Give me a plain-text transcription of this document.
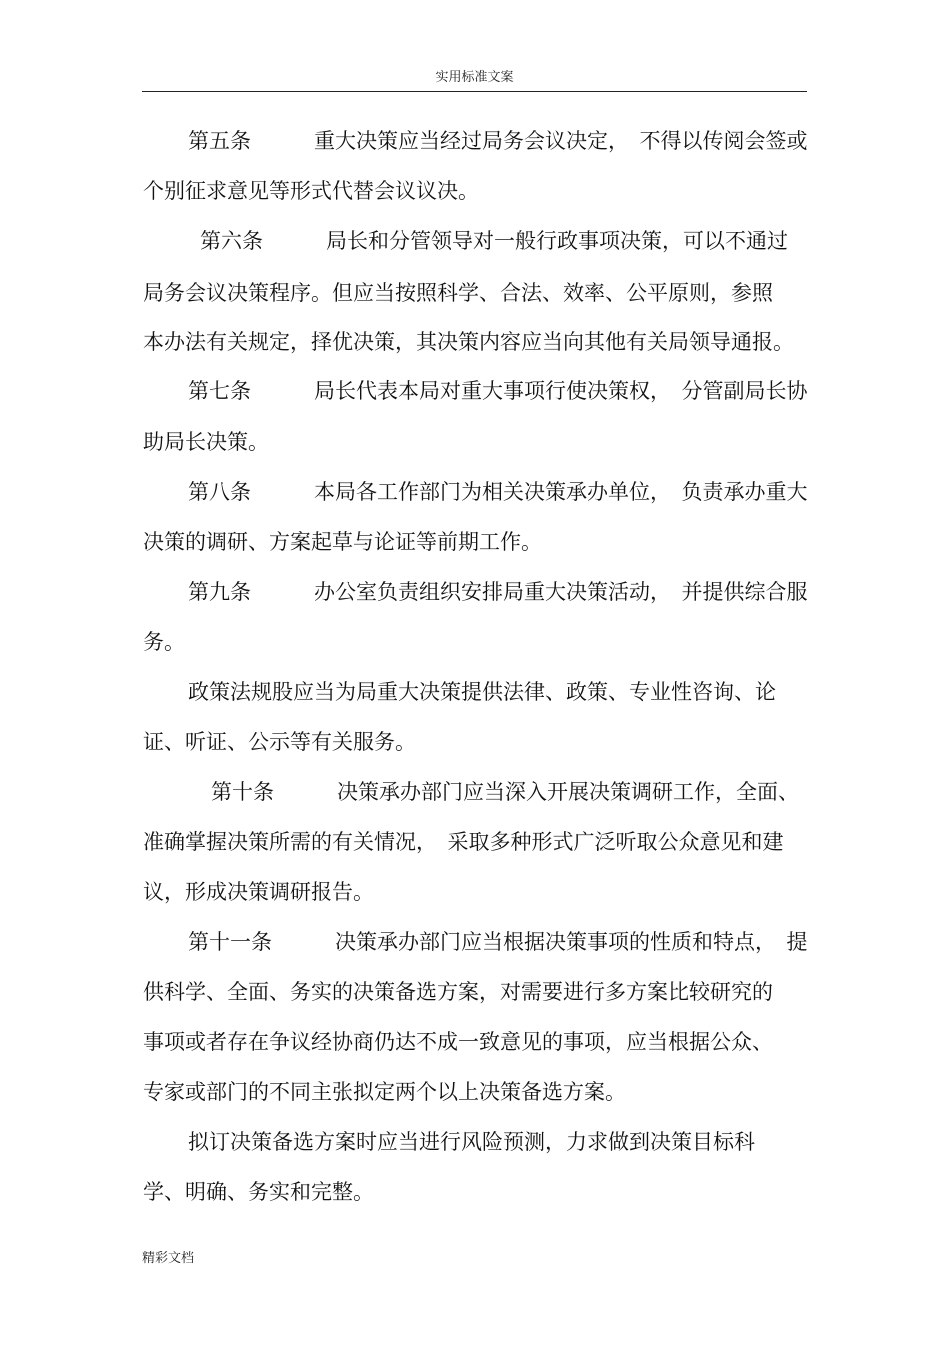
实用标准文案
第五条　　　重大决策应当经过局务会议决定，　不得以传阅会签或
个别征求意见等形式代替会议议决。
第六条　　　局长和分管领导对一般行政事项决策，可以不通过
局务会议决策程序。但应当按照科学、合法、效率、公平原则，参照
本办法有关规定，择优决策，其决策内容应当向其他有关局领导通报。
第七条　　　局长代表本局对重大事项行使决策权，　分管副局长协
助局长决策。
第八条　　　本局各工作部门为相关决策承办单位，　负责承办重大
决策的调研、方案起草与论证等前期工作。
第九条　　　办公室负责组织安排局重大决策活动，　并提供综合服
务。
政策法规股应当为局重大决策提供法律、政策、专业性咨询、论
证、听证、公示等有关服务。
第十条　　　决策承办部门应当深入开展决策调研工作，全面、
准确掌握决策所需的有关情况，　采取多种形式广泛听取公众意见和建
议，形成决策调研报告。
第十一条　　　决策承办部门应当根据决策事项的性质和特点，　提
供科学、全面、务实的决策备选方案，对需要进行多方案比较研究的
事项或者存在争议经协商仍达不成一致意见的事项，应当根据公众、
专家或部门的不同主张拟定两个以上决策备选方案。
拟订决策备选方案时应当进行风险预测，力求做到决策目标科
学、明确、务实和完整。
精彩文档
